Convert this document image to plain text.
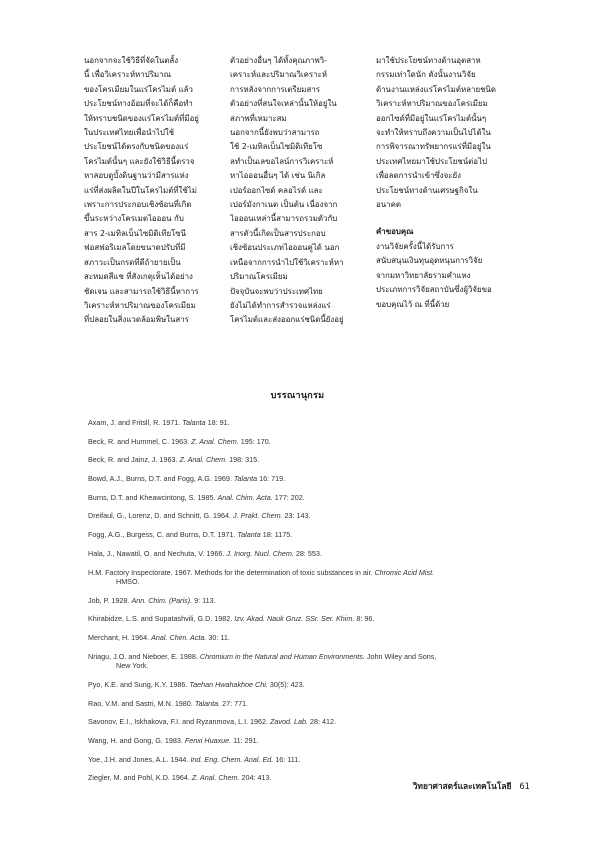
นอกจากจะใช้วิธีที่จัดในตลั้ง
นี้ เพื่อวิเคราะห์หาปริมาณ
ของโครเมียมในแร่โครไมต์ แล้ว
ประโยชน์ทางอ้อมที่จะได้ก็คือทำ
ให้ทราบชนิดของแร่โครไมต์ที่มีอยู่
ในประเทศไทยเพื่อนำไปใช้
ประโยชน์ได้ตรงกับชนิดของแร่
โครไมต์นั้นๆ และยังใช้วิธีนี้ตรวจ
หาสอบดูบั้งดินฐานว่ามีสารแห่ง
แร่ที่ส่งผลิตในปีในโครไมต์ที่ใช้ไม่
เพราะการประกอบเชิงซ้อนที่เกิด
ขึ้นระหว่างโครเมตไอออน กับ
สาร 2-เมทิลเบ็นไซมิดิเทียโซนี
ฟอสฟอริเมลโดยขนาดปรับที่มี
สภาวะเป็นกรดที่ดีถ้ายายเป็น
สะหมดสีแช ที่สังเกตุเห็นได้อย่าง
ชัดเจน และสามารถใช้วิธีนี้หาการ
วิเคราะห์หาปริมาณของโครเมียม
ที่ปลอยในสิ่งแวดล้อมพิษในสาร
ตัวอย่างอื่นๆ ได้ทั้งคุณภาพวิ-
เคราะห์และปริมาณวิเคราะห์
การหลังจากการเตรียมสาร
ตัวอย่างที่สนใจเหล่านั้นให้อยู่ใน
สภาพที่เหมาะสม
นอกจากนี้ยังพบว่าสามารถ
ใช้ 2-เมทิลเบ็นไซมิดิเทียโซ
ลทำเป็นเลขอไลน์การวิเคราะห์
หาไอออนอื่นๆ ได้ เช่น นิเกิล
เปอร์ออกไซด์ คลอไรด์ และ
เปอร์มังกาเนต เป็นต้น เนื่องจาก
ไอออนเหล่านี้สามารถรวมตัวกับ
สารตัวนี้เกิดเป็นสารประกอบ
เชิงซ้อนประเภทไอออนคู่ได้ นอก
เหนือจากการนำไปใช้วิเคราะห์หา
ปริมาณโครเมียม
ปัจจุบันจะพบว่าประเทศไทย
ยังไม่ได้ทำการสำรวจแหล่งแร่
โครไมต์และส่งออกแร่ชนิดนี้ยังอยู่
มาใช้ประโยชน์ทางด้านอุตสาห
กรรมเท่าใดนัก ดังนั้นงานวิจัย
ด้านงานแหล่งแร่โครไมต์หลายชนิด
วิเคราะห์หาปริมาณของโครเมียม
ออกไซด์ที่มีอยู่ในแร่โครไมต์นั้นๆ
จะทำให้ทราบถึงความเป็นไปได้ใน
การพิจารณาทรัพยากรแร่ที่มีอยู่ใน
ประเทศไทยมาใช้ประโยชน์ต่อไป
เพื่อลดการนำเข้าซึ่งจะยัง
ประโยชน์ทางด้านเศรษฐกิจใน
อนาคต

คำขอบคุณ

งานวิจัยครั้งนี้ได้รับการ
สนับสนุนเงินทุนอุดหนุนการวิจัย
จากมหาวิทยาลัยรามคำแหง
ประเภทการวิจัยสถาบันซึ่งผู้วิจัยขอ
ขอบคุณไว้ ณ ที่นี้ด้วย
บรรณานุกรม

Axam, J. and Fritsll, R. 1971. Talanta 18: 91.

Beck, R. and Hummel, C. 1963. Z. Anal. Chem. 195: 170.

Beck, R. and Jainz, J. 1963. Z. Anal. Chem. 198: 315.

Bowd, A.J., Burns, D.T. and Fogg, A.G. 1969. Talanta 16: 719.

Burns, D.T. and Kheawcintong, S. 1985. Anal. Chim. Acta. 177: 202.

Dreifaul, G., Lorenz, D. and Schnitt, G. 1964. J. Prakt. Chem. 23: 143.

Fogg, A.G., Burgess, C. and Burns, D.T. 1971. Talanta 18: 1175.

Hala, J., Nawatil, O. and Nechuta, V. 1966. J. Inorg. Nucl. Chem. 28: 553.

H.M. Factory Inspectorate. 1967. Methods for the determination of toxic substances in air. Chromic Acid Mist.
HMSO.

Job, P. 1928. Ann. Chim. (Paris). 9: 113.

Khirabidze, L.S. and Supatashvili, G.D. 1982. Izv. Akad. Nauk Gruz. SSr. Ser. Khim. 8: 96.

Merchant, H. 1964. Anal. Chim. Acta. 30: 11.

Nriagu, J.O. and Nieboer, E. 1988. Chromium in the Natural and Human Environments. John Wiley and Sons,
New York.

Pyo, K.E. and Sung, K.Y. 1986. Taehan Hwahakhoe Chi. 30(5): 423.

Rao, V.M. and Sastri, M.N. 1980. Talanta. 27: 771.

Savonov, E.I., Iskhakova, F.I. and Ryzanmova, L.I. 1962. Zavod. Lab. 28: 412.

Wang, H. and Gong, G. 1983. Fenxi Huaxue. 11: 291.

Yoe, J.H. and Jones, A.L. 1944. Ind. Eng. Chem. Anal. Ed. 16: 111.

Ziegler, M. and Pohl, K.D. 1964. Z. Anal. Chem. 204: 413.

วิทยาศาสตร์และเทคโนโลยี 61
